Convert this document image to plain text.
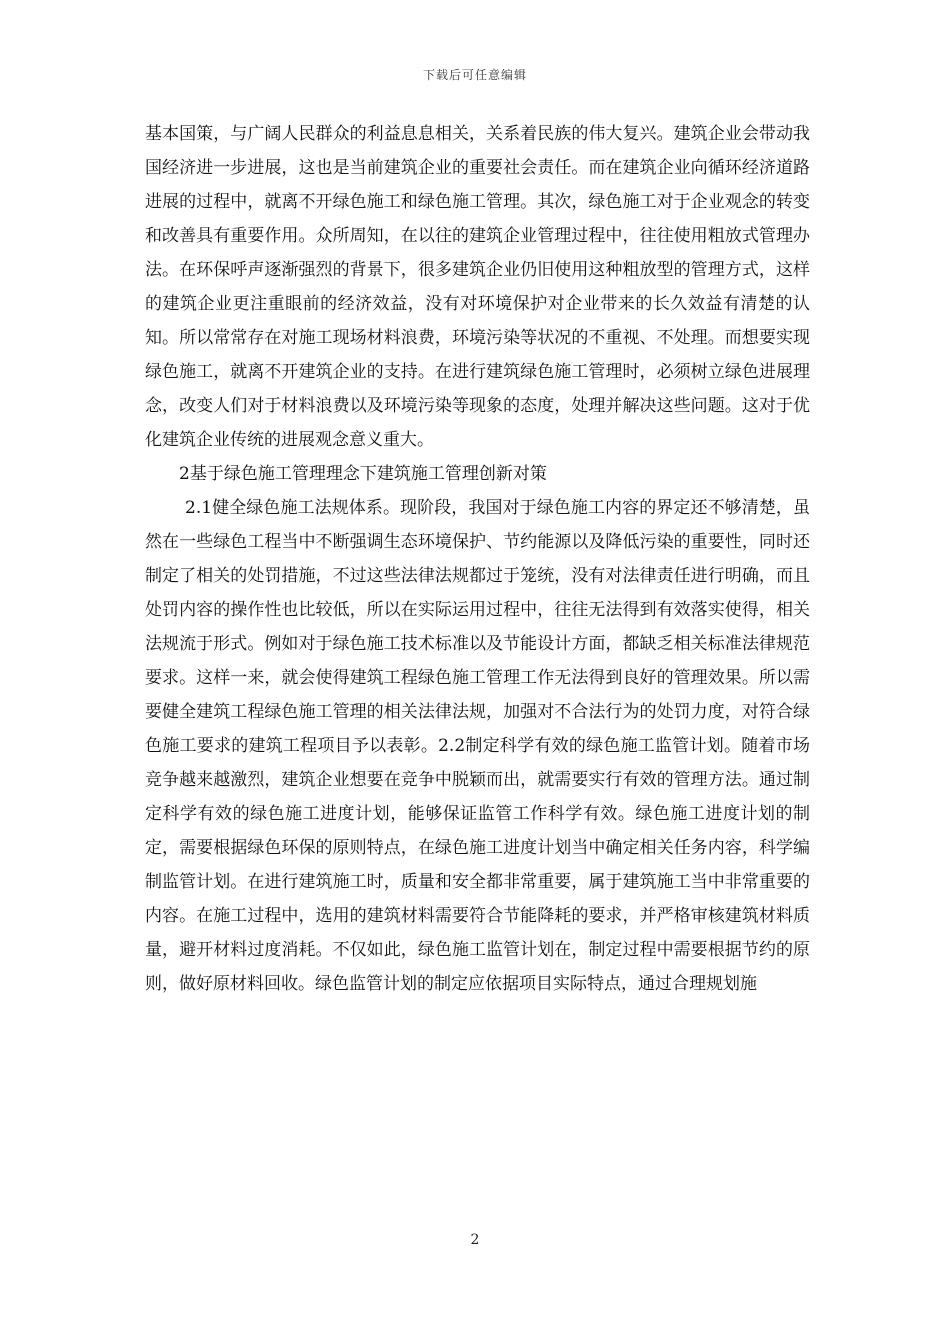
下载后可任意编辑

基本国策，与广阔人民群众的利益息息相关，关系着民族的伟大复兴。建筑企业会带动我国经济进一步进展，这也是当前建筑企业的重要社会责任。而在建筑企业向循环经济道路进展的过程中，就离不开绿色施工和绿色施工管理。其次，绿色施工对于企业观念的转变和改善具有重要作用。众所周知，在以往的建筑企业管理过程中，往往使用粗放式管理办法。在环保呼声逐渐强烈的背景下，很多建筑企业仍旧使用这种粗放型的管理方式，这样的建筑企业更注重眼前的经济效益，没有对环境保护对企业带来的长久效益有清楚的认知。所以常常存在对施工现场材料浪费，环境污染等状况的不重视、不处理。而想要实现绿色施工，就离不开建筑企业的支持。在进行建筑绿色施工管理时，必须树立绿色进展理念，改变人们对于材料浪费以及环境污染等现象的态度，处理并解决这些问题。这对于优化建筑企业传统的进展观念意义重大。

2基于绿色施工管理理念下建筑施工管理创新对策

2.1健全绿色施工法规体系。现阶段，我国对于绿色施工内容的界定还不够清楚，虽然在一些绿色工程当中不断强调生态环境保护、节约能源以及降低污染的重要性，同时还制定了相关的处罚措施，不过这些法律法规都过于笼统，没有对法律责任进行明确，而且处罚内容的操作性也比较低，所以在实际运用过程中，往往无法得到有效落实使得，相关法规流于形式。例如对于绿色施工技术标准以及节能设计方面，都缺乏相关标准法律规范要求。这样一来，就会使得建筑工程绿色施工管理工作无法得到良好的管理效果。所以需要健全建筑工程绿色施工管理的相关法律法规，加强对不合法行为的处罚力度，对符合绿色施工要求的建筑工程项目予以表彰。2.2制定科学有效的绿色施工监管计划。随着市场竞争越来越激烈，建筑企业想要在竞争中脱颖而出，就需要实行有效的管理方法。通过制定科学有效的绿色施工进度计划，能够保证监管工作科学有效。绿色施工进度计划的制定，需要根据绿色环保的原则特点，在绿色施工进度计划当中确定相关任务内容，科学编制监管计划。在进行建筑施工时，质量和安全都非常重要，属于建筑施工当中非常重要的内容。在施工过程中，选用的建筑材料需要符合节能降耗的要求，并严格审核建筑材料质量，避开材料过度消耗。不仅如此，绿色施工监管计划在，制定过程中需要根据节约的原则，做好原材料回收。绿色监管计划的制定应依据项目实际特点，通过合理规划施

2
